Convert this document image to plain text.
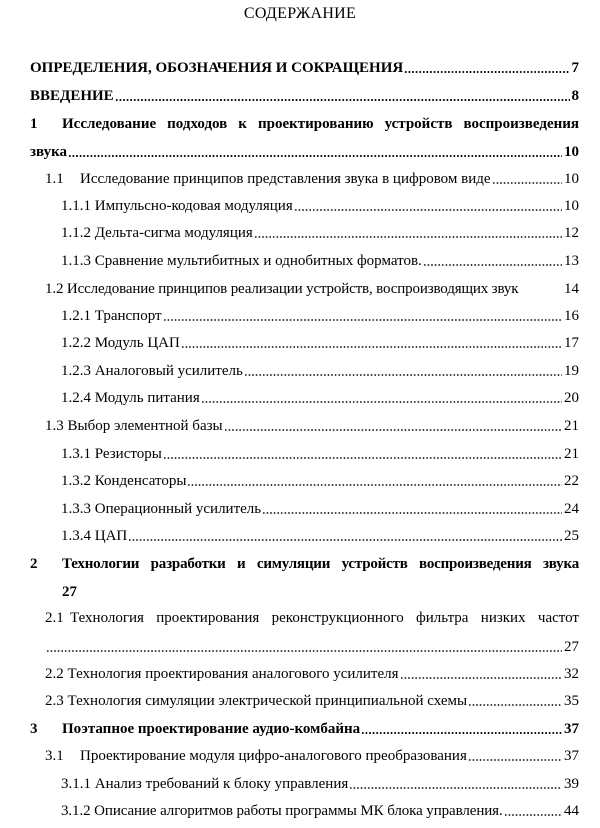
СОДЕРЖАНИЕ
ОПРЕДЕЛЕНИЯ, ОБОЗНАЧЕНИЯ И СОКРАЩЕНИЯ	7
ВВЕДЕНИЕ	8
1 Исследование подходов к проектированию устройств воспроизведения
звука	10
1.1 Исследование принципов представления звука в цифровом виде	10
1.1.1 Импульсно-кодовая модуляция	10
1.1.2 Дельта-сигма модуляция	12
1.1.3 Сравнение мультибитных и однобитных форматов.	13
1.2 Исследование принципов реализации устройств, воспроизводящих звук	14
1.2.1 Транспорт	16
1.2.2 Модуль ЦАП	17
1.2.3 Аналоговый усилитель	19
1.2.4 Модуль питания	20
1.3 Выбор элементной базы	21
1.3.1 Резисторы	21
1.3.2 Конденсаторы	22
1.3.3 Операционный усилитель	24
1.3.4 ЦАП	25
2 Технологии разработки и симуляции устройств воспроизведения звука
27
2.1 Технология проектирования реконструкционного фильтра низких частот
27
2.2 Технология проектирования аналогового усилителя	32
2.3 Технология симуляции электрической принципиальной схемы	35
3 Поэтапное проектирование аудио-комбайна	37
3.1 Проектирование модуля цифро-аналогового преобразования	37
3.1.1 Анализ требований к блоку управления	39
3.1.2 Описание алгоритмов работы программы МК блока управления.	44
